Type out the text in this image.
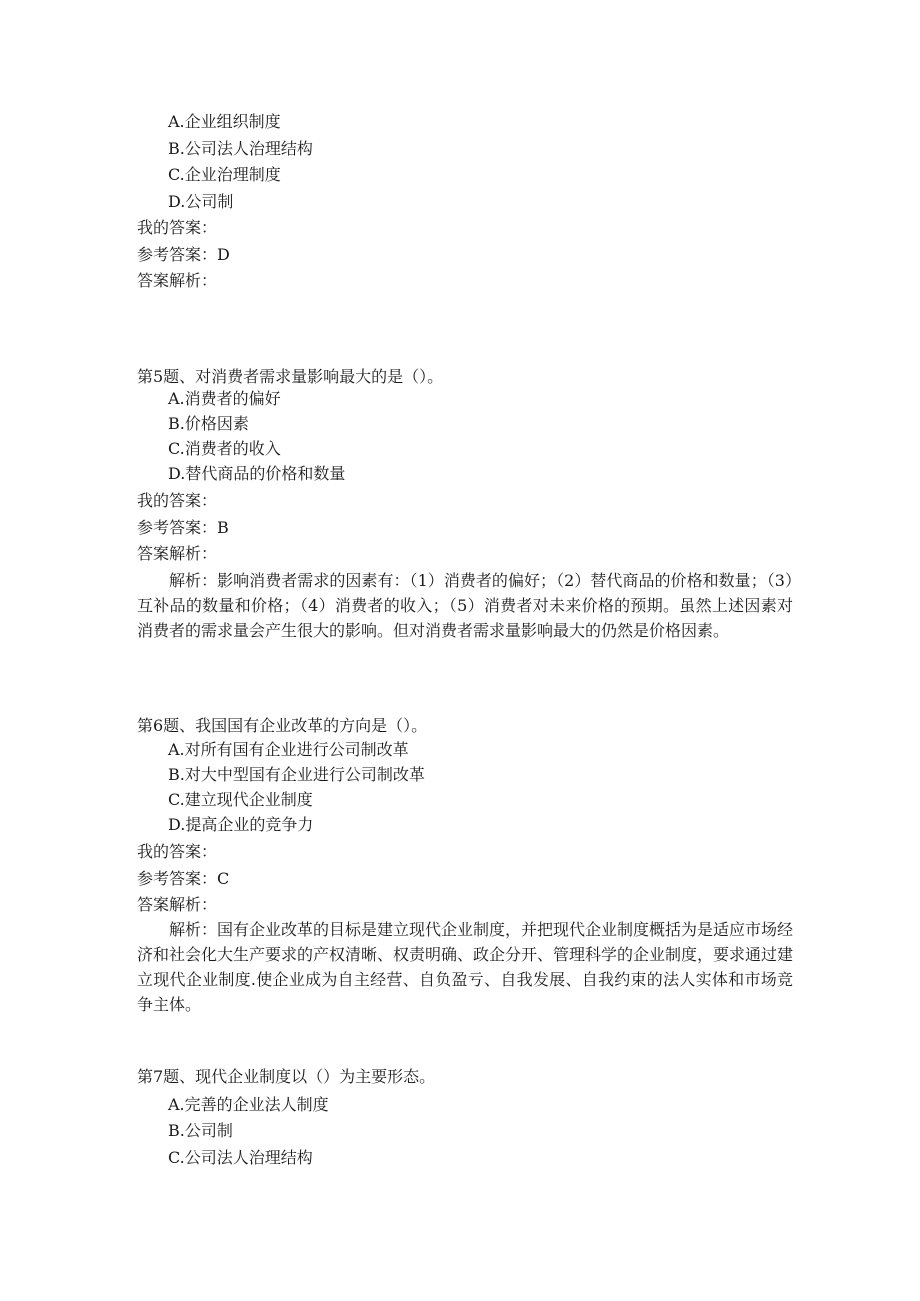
A.企业组织制度
B.公司法人治理结构
C.企业治理制度
D.公司制
我的答案：
参考答案：D
答案解析：
第5题、对消费者需求量影响最大的是（）。
A.消费者的偏好
B.价格因素
C.消费者的收入
D.替代商品的价格和数量
我的答案：
参考答案：B
答案解析：
解析：影响消费者需求的因素有：（1）消费者的偏好；（2）替代商品的价格和数量；（3）互补品的数量和价格；（4）消费者的收入；（5）消费者对未来价格的预期。虽然上述因素对消费者的需求量会产生很大的影响。但对消费者需求量影响最大的仍然是价格因素。
第6题、我国国有企业改革的方向是（）。
A.对所有国有企业进行公司制改革
B.对大中型国有企业进行公司制改革
C.建立现代企业制度
D.提高企业的竞争力
我的答案：
参考答案：C
答案解析：
解析：国有企业改革的目标是建立现代企业制度，并把现代企业制度概括为是适应市场经济和社会化大生产要求的产权清晰、权责明确、政企分开、管理科学的企业制度，要求通过建立现代企业制度.使企业成为自主经营、自负盈亏、自我发展、自我约束的法人实体和市场竞争主体。
第7题、现代企业制度以（）为主要形态。
A.完善的企业法人制度
B.公司制
C.公司法人治理结构
